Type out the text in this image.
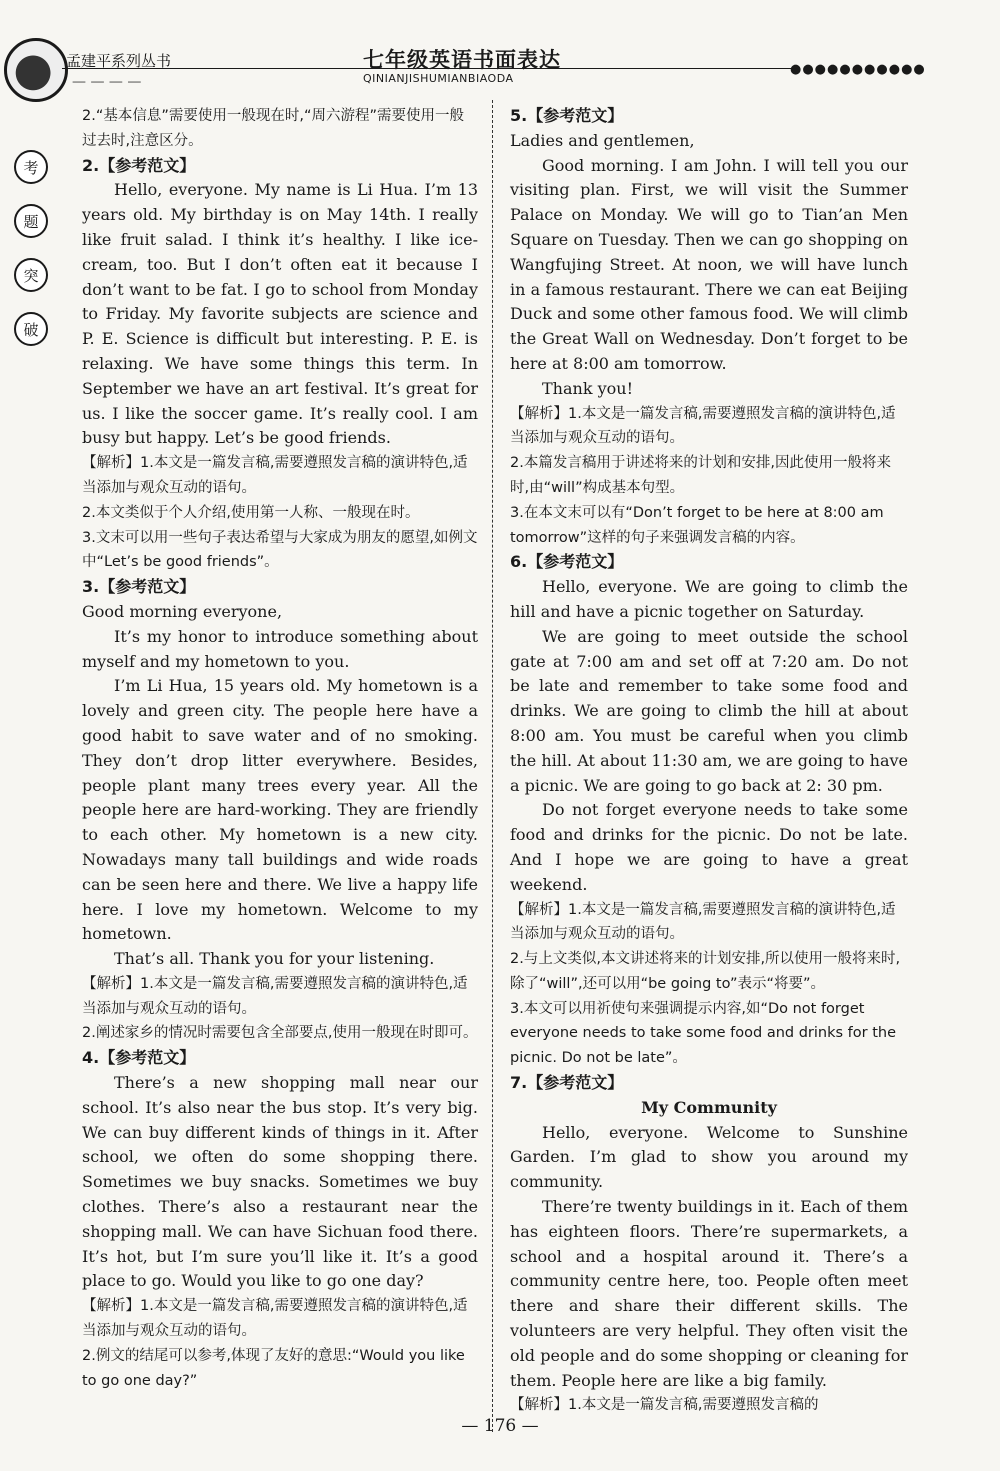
孟建平系列丛书	七年级英语书面表达	●●●●●●●●●●●
— — — —	QINIANJISHUMIANBIAODA
考
题
突
破

2.“基本信息”需要使用一般现在时,“周六游程”需要使用一般过去时,注意区分。

2.【参考范文】

Hello, everyone. My name is Li Hua. I’m 13 years old. My birthday is on May 14th. I really like fruit salad. I think it’s healthy. I like ice-cream, too. But I don’t often eat it because I don’t want to be fat. I go to school from Monday to Friday. My favorite subjects are science and P. E. Science is difficult but interesting. P. E. is relaxing. We have some things this term. In September we have an art festival. It’s great for us. I like the soccer game. It’s really cool. I am busy but happy. Let’s be good friends.

【解析】1.本文是一篇发言稿,需要遵照发言稿的演讲特色,适当添加与观众互动的语句。

2.本文类似于个人介绍,使用第一人称、一般现在时。

3.文末可以用一些句子表达希望与大家成为朋友的愿望,如例文中“Let’s be good friends”。

3.【参考范文】

Good morning everyone,

It’s my honor to introduce something about myself and my hometown to you.

I’m Li Hua, 15 years old. My hometown is a lovely and green city. The people here have a good habit to save water and of no smoking. They don’t drop litter everywhere. Besides, people plant many trees every year. All the people here are hard-working. They are friendly to each other. My hometown is a new city. Nowadays many tall buildings and wide roads can be seen here and there. We live a happy life here. I love my hometown. Welcome to my hometown.

That’s all. Thank you for your listening.

【解析】1.本文是一篇发言稿,需要遵照发言稿的演讲特色,适当添加与观众互动的语句。

2.阐述家乡的情况时需要包含全部要点,使用一般现在时即可。

4.【参考范文】

There’s a new shopping mall near our school. It’s also near the bus stop. It’s very big. We can buy different kinds of things in it. After school, we often do some shopping there. Sometimes we buy snacks. Sometimes we buy clothes. There’s also a restaurant near the shopping mall. We can have Sichuan food there. It’s hot, but I’m sure you’ll like it. It’s a good place to go. Would you like to go one day?

【解析】1.本文是一篇发言稿,需要遵照发言稿的演讲特色,适当添加与观众互动的语句。

2.例文的结尾可以参考,体现了友好的意思:“Would you like to go one day?”

5.【参考范文】

Ladies and gentlemen,

Good morning. I am John. I will tell you our visiting plan. First, we will visit the Summer Palace on Monday. We will go to Tian’an Men Square on Tuesday. Then we can go shopping on Wangfujing Street. At noon, we will have lunch in a famous restaurant. There we can eat Beijing Duck and some other famous food. We will climb the Great Wall on Wednesday. Don’t forget to be here at 8:00 am tomorrow.

Thank you!

【解析】1.本文是一篇发言稿,需要遵照发言稿的演讲特色,适当添加与观众互动的语句。

2.本篇发言稿用于讲述将来的计划和安排,因此使用一般将来时,由“will”构成基本句型。

3.在本文末可以有“Don’t forget to be here at 8:00 am tomorrow”这样的句子来强调发言稿的内容。

6.【参考范文】

Hello, everyone. We are going to climb the hill and have a picnic together on Saturday.

We are going to meet outside the school gate at 7:00 am and set off at 7:20 am. Do not be late and remember to take some food and drinks. We are going to climb the hill at about 8:00 am. You must be careful when you climb the hill. At about 11:30 am, we are going to have a picnic. We are going to go back at 2: 30 pm.

Do not forget everyone needs to take some food and drinks for the picnic. Do not be late. And I hope we are going to have a great weekend.

【解析】1.本文是一篇发言稿,需要遵照发言稿的演讲特色,适当添加与观众互动的语句。

2.与上文类似,本文讲述将来的计划安排,所以使用一般将来时,除了“will”,还可以用“be going to”表示“将要”。

3.本文可以用祈使句来强调提示内容,如“Do not forget everyone needs to take some food and drinks for the picnic. Do not be late”。

7.【参考范文】

My Community

Hello, everyone. Welcome to Sunshine Garden. I’m glad to show you around my community.

There’re twenty buildings in it. Each of them has eighteen floors. There’re supermarkets, a school and a hospital around it. There’s a community centre here, too. People often meet there and share their different skills. The volunteers are very helpful. They often visit the old people and do some shopping or cleaning for them. People here are like a big family.

【解析】1.本文是一篇发言稿,需要遵照发言稿的

— 176 —
